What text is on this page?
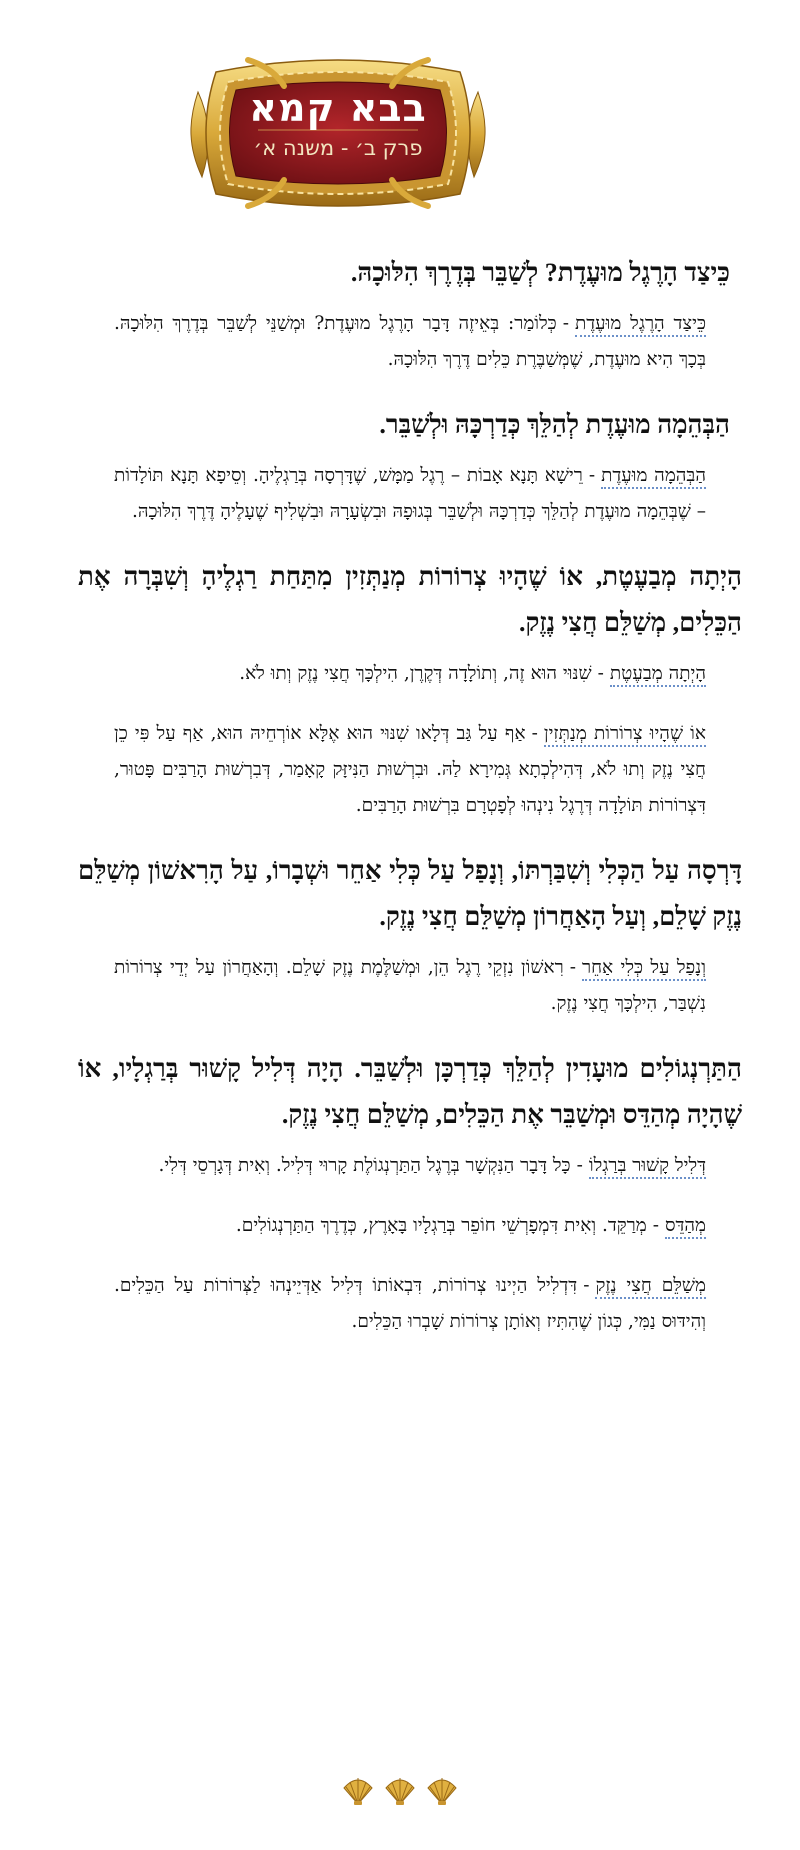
בבא קמא
פרק ב׳ - משנה א׳
כֵּיצַד הָרֶגֶל מוּעֶדֶת? לְשַׁבֵּר בְּדֶרֶךְ הִלּוּכָהּ.
כֵּיצַד הָרֶגֶל מוּעֶדֶת-כְּלוֹמַר: בְּאֵיזֶה דָּבָר הָרֶגֶל מוּעֶדֶת? וּמְשַׁנֵּי לְשַׁבֵּר בְּדֶרֶךְ הִלּוּכָהּ. בְּכָךְ הִיא מוּעֶדֶת, שֶׁמְּשַׁבֶּרֶת כֵּלִים דֶּרֶךְ הִלּוּכָהּ.
הַבְּהֵמָה מוּעֶדֶת לְהַלֵּךְ כְּדַרְכָּהּ וּלְשַׁבֵּר.
הַבְּהֵמָה מוּעֶדֶת-רֵישָׁא תָּנָא אָבוֹת – רֶגֶל מַמָּשׁ, שֶׁדָּרְסָה בְּרַגְלֶיהָ. וְסֵיפָא תָּנָא תּוֹלָדוֹת – שֶׁבְּהֵמָה מוּעֶדֶת לְהַלֵּךְ כְּדַרְכָּהּ וּלְשַׁבֵּר בְּגוּפָהּ וּבִשְׂעָרָהּ וּבִשְׁלִיף שֶׁעָלֶיהָ דֶּרֶךְ הִלּוּכָהּ.
הָיְתָה מְבַעֶטֶת, אוֹ שֶׁהָיוּ צְרוֹרוֹת מְנַתְּזִין מִתַּחַת רַגְלֶיהָ וְשִׁבְּרָה אֶת הַכֵּלִים, מְשַׁלֵּם חֲצִי נֶזֶק.
הָיְתָה מְבַעֶטֶת-שִׁנּוּי הוּא זֶה, וְתוֹלָדָה דְּקֶרֶן, הִילְכָּךְ חֲצִי נֶזֶק וְתוּ לֹא.
אוֹ שֶׁהָיוּ צְרוֹרוֹת מְנַתְּזִין-אַף עַל גַּב דְּלָאו שִׁנּוּי הוּא אֶלָּא אוֹרְחֵיהּ הוּא, אַף עַל פִּי כֵן חֲצִי נֶזֶק וְתוּ לֹא, דְּהִילְכְתָא גְּמִירָא לַהּ. וּבִרְשׁוּת הַנִּיזָּק קָאָמַר, דְּבִרְשׁוּת הָרַבִּים פָּטוּר, דִּצְרוֹרוֹת תּוֹלָדָה דְּרֶגֶל נִינְהוּ לְפָטְרָם בִּרְשׁוּת הָרַבִּים.
דָּרְסָה עַל הַכְּלִי וְשִׁבַּרְתּוֹ, וְנָפַל עַל כְּלִי אַחֵר וּשְׁבָרוֹ, עַל הָרִאשׁוֹן מְשַׁלֵּם נֶזֶק שָׁלֵם, וְעַל הָאַחֲרוֹן מְשַׁלֵּם חֲצִי נֶזֶק.
וְנָפַל עַל כְּלִי אַחֵר-רִאשׁוֹן נִזְקֵי רֶגֶל הֵן, וּמְשַׁלֶּמֶת נֶזֶק שָׁלֵם. וְהָאַחֲרוֹן עַל יְדֵי צְרוֹרוֹת נִשְׁבַּר, הִילְכָּךְ חֲצִי נֶזֶק.
הַתַּרְנְגוֹלִים מוּעָדִין לְהַלֵּךְ כְּדַרְכָּן וּלְשַׁבֵּר. הָיָה דְּלִיל קָשׁוּר בְּרַגְלָיו, אוֹ שֶׁהָיָה מְהַדֵּס וּמְשַׁבֵּר אֶת הַכֵּלִים, מְשַׁלֵּם חֲצִי נֶזֶק.
דְּלִיל קָשׁוּר בְּרַגְלוֹ-כָּל דָּבָר הַנִּקְשָׁר בְּרֶגֶל הַתַּרְנְגוֹלֶת קָרוּי דְּלִיל. וְאִית דְּגָרְסֵי דְּלִי.
מְהַדֵּס-מְרַקֵּד. וְאִית דִּמְפָרְשֵׁי חוֹפֵר בְּרַגְלָיו בָּאָרֶץ, כְּדֶרֶךְ הַתַּרְנְגוֹלִים.
מְשַׁלֵּם חֲצִי נֶזֶק-דִּדְלִיל הַיְינוּ צְרוֹרוֹת, דִּבְאוֹתוֹ דְּלִיל אַדְּיֵינְהוּ לַצְּרוֹרוֹת עַל הַכֵּלִים. וְהִידּוּס נַמִּי, כְּגוֹן שֶׁהִתִּיז וְאוֹתָן צְרוֹרוֹת שָׁבְרוּ הַכֵּלִים.
